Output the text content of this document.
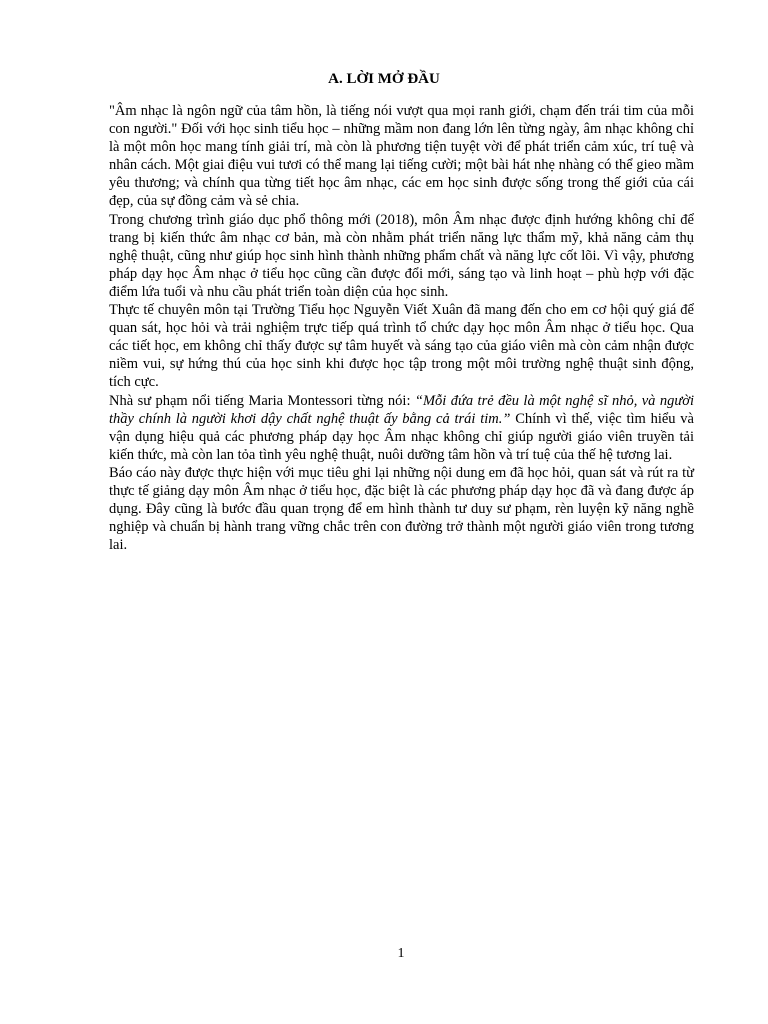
A. LỜI MỞ ĐẦU

"Âm nhạc là ngôn ngữ của tâm hồn, là tiếng nói vượt qua mọi ranh giới, chạm đến trái tim của mỗi con người." Đối với học sinh tiểu học – những mầm non đang lớn lên từng ngày, âm nhạc không chỉ là một môn học mang tính giải trí, mà còn là phương tiện tuyệt vời để phát triển cảm xúc, trí tuệ và nhân cách. Một giai điệu vui tươi có thể mang lại tiếng cười; một bài hát nhẹ nhàng có thể gieo mầm yêu thương; và chính qua từng tiết học âm nhạc, các em học sinh được sống trong thế giới của cái đẹp, của sự đồng cảm và sẻ chia.

Trong chương trình giáo dục phổ thông mới (2018), môn Âm nhạc được định hướng không chỉ để trang bị kiến thức âm nhạc cơ bản, mà còn nhằm phát triển năng lực thẩm mỹ, khả năng cảm thụ nghệ thuật, cũng như giúp học sinh hình thành những phẩm chất và năng lực cốt lõi. Vì vậy, phương pháp dạy học Âm nhạc ở tiểu học cũng cần được đổi mới, sáng tạo và linh hoạt – phù hợp với đặc điểm lứa tuổi và nhu cầu phát triển toàn diện của học sinh.

Thực tế chuyên môn tại Trường Tiểu học Nguyễn Viết Xuân đã mang đến cho em cơ hội quý giá để quan sát, học hỏi và trải nghiệm trực tiếp quá trình tổ chức dạy học môn Âm nhạc ở tiểu học. Qua các tiết học, em không chỉ thấy được sự tâm huyết và sáng tạo của giáo viên mà còn cảm nhận được niềm vui, sự hứng thú của học sinh khi được học tập trong một môi trường nghệ thuật sinh động, tích cực.

Nhà sư phạm nổi tiếng Maria Montessori từng nói: “Mỗi đứa trẻ đều là một nghệ sĩ nhỏ, và người thầy chính là người khơi dậy chất nghệ thuật ấy bằng cả trái tim.” Chính vì thế, việc tìm hiểu và vận dụng hiệu quả các phương pháp dạy học Âm nhạc không chỉ giúp người giáo viên truyền tải kiến thức, mà còn lan tỏa tình yêu nghệ thuật, nuôi dưỡng tâm hồn và trí tuệ của thế hệ tương lai.

Báo cáo này được thực hiện với mục tiêu ghi lại những nội dung em đã học hỏi, quan sát và rút ra từ thực tế giảng dạy môn Âm nhạc ở tiểu học, đặc biệt là các phương pháp dạy học đã và đang được áp dụng. Đây cũng là bước đầu quan trọng để em hình thành tư duy sư phạm, rèn luyện kỹ năng nghề nghiệp và chuẩn bị hành trang vững chắc trên con đường trở thành một người giáo viên trong tương lai.

1
